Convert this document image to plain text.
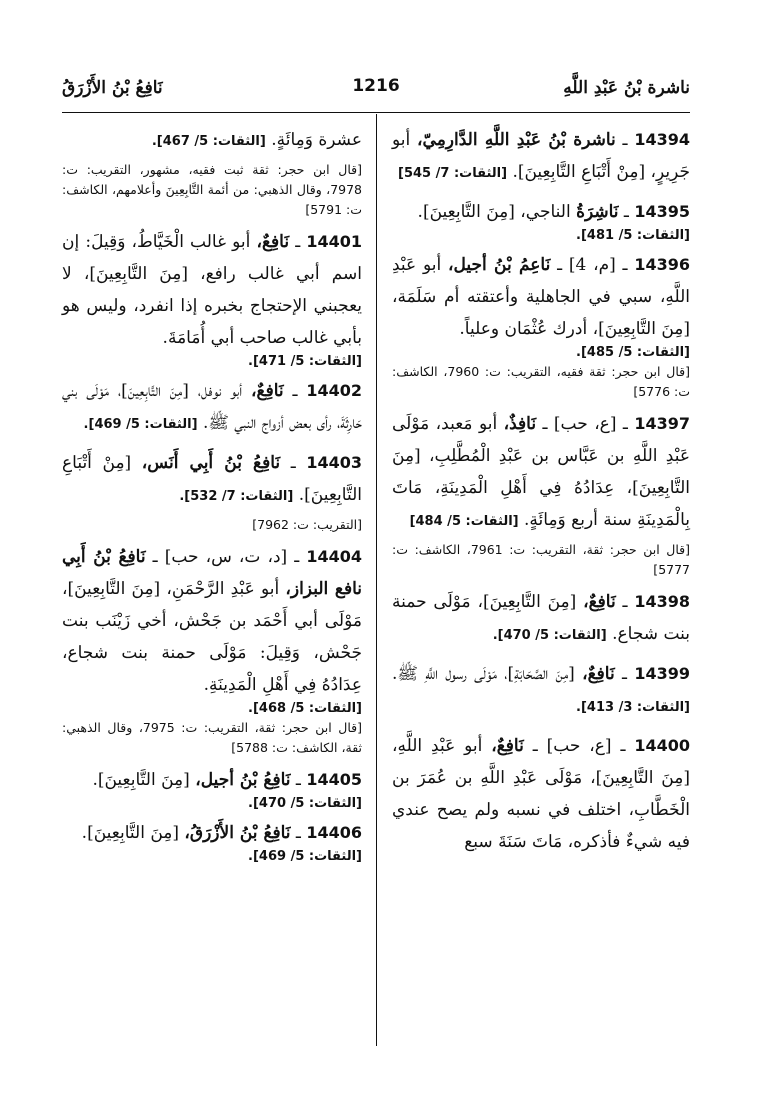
ناشرة بْنُ عَبْدِ اللَّهِ
1216
نَافِعُ بْنُ الأَزْرَقُ
14394 ـ ناشرة بْنُ عَبْدِ اللَّهِ الدَّارِمِيّ، أبو جَرِيرٍ، [مِنْ أَتْبَاعِ التَّابِعِينَ]. [الثقات: 7/ 545]
14395 ـ نَاشِرَةُ الناجي، [مِنَ التَّابِعِينَ].
[الثقات: 5/ 481].
14396 ـ [م، 4] ـ نَاعِمُ بْنُ أجيل، أبو عَبْدِ اللَّهِ، سبي في الجاهلية وأعتقته أم سَلَمَة، [مِنَ التَّابِعِينَ]، أدرك عُثْمَان وعلياً.
[الثقات: 5/ 485].
[قال ابن حجر: ثقة فقيه، التقريب: ت: 7960، الكاشف: ت: 5776]
14397 ـ [ع، حب] ـ نَافِذٌ، أبو مَعبد، مَوْلَى عَبْدِ اللَّهِ بن عَبَّاس بن عَبْدِ الْمُطَّلِبِ، [مِنَ التَّابِعِينَ]، عِدَادُهُ فِي أَهْلِ الْمَدِينَةِ، مَاتَ بِالْمَدِينَةِ سنة أربع وَمِائَةٍ. [الثقات: 5/ 484]
[قال ابن حجر: ثقة، التقريب: ت: 7961، الكاشف: ت: 5777]
14398 ـ نَافِعٌ، [مِنَ التَّابِعِينَ]، مَوْلَى حمنة بنت شجاع. [الثقات: 5/ 470].
14399 ـ نَافِعٌ، [مِنَ الصَّحَابَةِ]، مَوْلَى رسول اللَّهِ ﷺ. [الثقات: 3/ 413].
14400 ـ [ع، حب] ـ نَافِعٌ، أبو عَبْدِ اللَّهِ، [مِنَ التَّابِعِينَ]، مَوْلَى عَبْدِ اللَّهِ بن عُمَرَ بن الْخَطَّابِ، اختلف في نسبه ولم يصح عندي فيه شيءٌ فأذكره، مَاتَ سَنَةَ سبع
عشرة وَمِائَةٍ. [الثقات: 5/ 467].
[قال ابن حجر: ثقة ثبت فقيه، مشهور، التقريب: ت: 7978، وقال الذهبي: من أئمة التَّابِعِينَ وأعلامهم، الكاشف: ت: 5791]
14401 ـ نَافِعٌ، أبو غالب الْخَيَّاطُ، وَقِيلَ: إن اسم أبي غالب رافع، [مِنَ التَّابِعِينَ]، لا يعجبني الإحتجاج بخبره إذا انفرد، وليس هو بأبي غالب صاحب أبي أُمَامَةَ.
[الثقات: 5/ 471].
14402 ـ نَافِعٌ، أبو نوفل، [مِنَ التَّابِعِينَ]، مَوْلَى بني حَارِثَةَ، رأى بعض أزواج النبي ﷺ. [الثقات: 5/ 469].
14403 ـ نَافِعُ بْنُ أَبِي أَنَس، [مِنْ أَتْبَاعِ التَّابِعِينَ]. [الثقات: 7/ 532].
[التقريب: ت: 7962]
14404 ـ [د، ت، س، حب] ـ نَافِعُ بْنُ أَبِي نافع البزاز، أبو عَبْدِ الرَّحْمَنِ، [مِنَ التَّابِعِينَ]، مَوْلَى أبي أَحْمَد بن جَحْش، أخي زَيْنَب بنت جَحْش، وَقِيلَ: مَوْلَى حمنة بنت شجاع، عِدَادُهُ فِي أَهْلِ الْمَدِينَةِ.
[الثقات: 5/ 468].
[قال ابن حجر: ثقة، التقريب: ت: 7975، وقال الذهبي: ثقة، الكاشف: ت: 5788]
14405 ـ نَافِعُ بْنُ أجيل، [مِنَ التَّابِعِينَ].
[الثقات: 5/ 470].
14406 ـ نَافِعُ بْنُ الأَزْرَقُ، [مِنَ التَّابِعِينَ].
[الثقات: 5/ 469].
